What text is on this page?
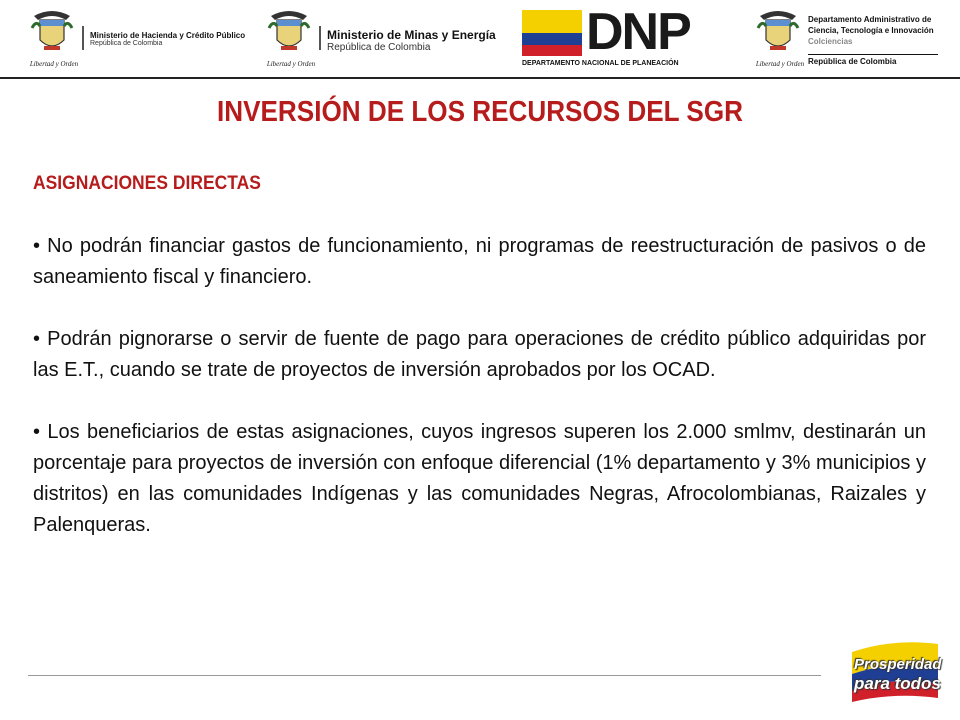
Libertad y Orden
Ministerio de Hacienda y Crédito Público
República de Colombia
Libertad y Orden
Ministerio de Minas y Energía
República de Colombia	DNP
DEPARTAMENTO NACIONAL DE PLANEACIÓN	Libertad y Orden
Departamento Administrativo de
Ciencia, Tecnología e Innovación
Colciencias
República de Colombia
INVERSIÓN DE LOS RECURSOS DEL SGR
ASIGNACIONES DIRECTAS

• No podrán financiar gastos de funcionamiento, ni programas de reestructuración de pasivos o de saneamiento fiscal y financiero.

• Podrán pignorarse o servir de fuente de pago para operaciones de crédito público adquiridas por las E.T., cuando se trate de proyectos de inversión aprobados por los OCAD.

• Los beneficiarios de estas asignaciones, cuyos ingresos superen los 2.000 smlmv, destinarán un porcentaje para proyectos de inversión con enfoque diferencial (1% departamento y 3% municipios y distritos) en las comunidades Indígenas y las comunidades Negras, Afrocolombianas, Raizales y Palenqueras.

Prosperidad
para todos
